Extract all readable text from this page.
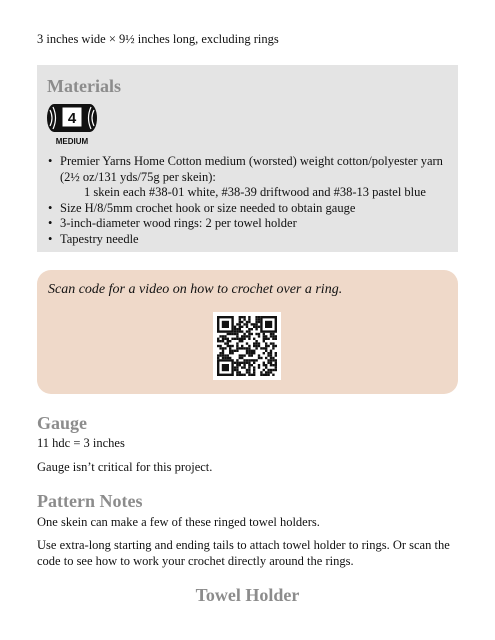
3 inches wide × 9½ inches long, excluding rings
Materials
4
MEDIUM
• Premier Yarns Home Cotton medium (worsted) weight cotton/polyester yarn (2½ oz/131 yds/75g per skein):
1 skein each #38-01 white, #38-39 driftwood and #38-13 pastel blue
• Size H/8/5mm crochet hook or size needed to obtain gauge
• 3-inch-diameter wood rings: 2 per towel holder
• Tapestry needle
Scan code for a video on how to crochet over a ring.
Gauge

11 hdc = 3 inches

Gauge isn’t critical for this project.

Pattern Notes

One skein can make a few of these ringed towel holders.

Use extra-long starting and ending tails to attach towel holder to rings. Or scan the code to see how to work your crochet directly around the rings.

Towel Holder
